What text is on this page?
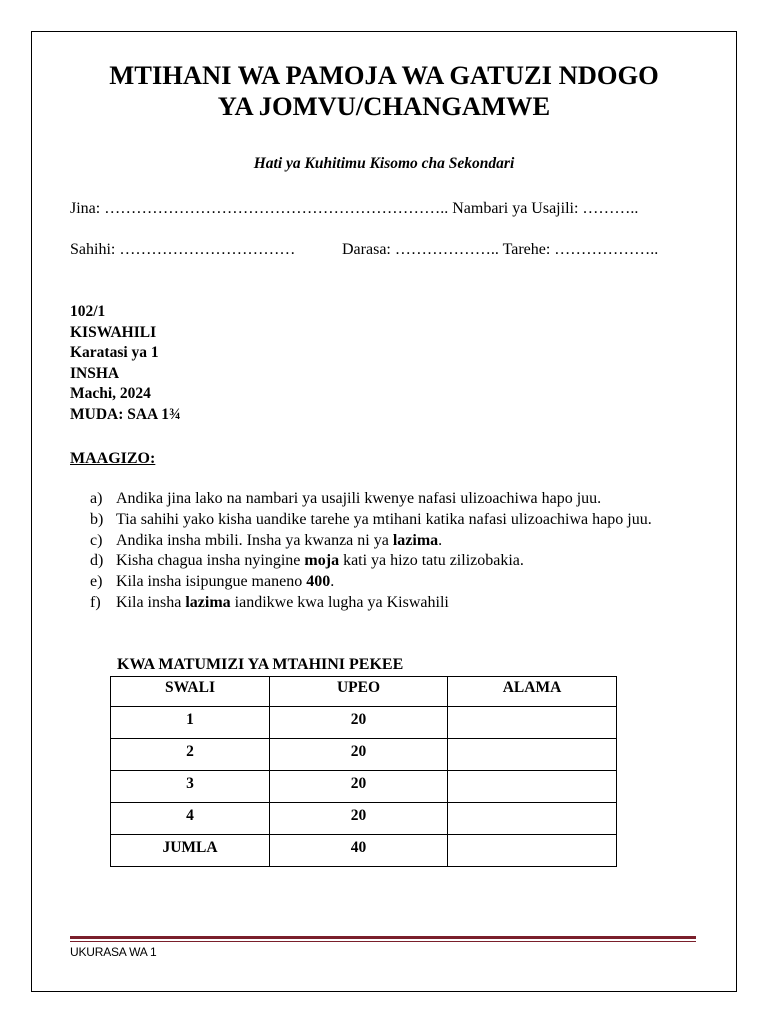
MTIHANI WA PAMOJA WA GATUZI NDOGO
YA JOMVU/CHANGAMWE
Hati ya Kuhitimu Kisomo cha Sekondari
Jina: ……………………………………………………….. Nambari ya Usajili: ………..
Sahihi: ……………………………	Darasa: ……………….. Tarehe: ………………..
102/1
KISWAHILI
Karatasi ya 1
INSHA
Machi, 2024
MUDA: SAA 1¾
MAAGIZO:
a) Andika jina lako na nambari ya usajili kwenye nafasi ulizoachiwa hapo juu.
b) Tia sahihi yako kisha uandike tarehe ya mtihani katika nafasi ulizoachiwa hapo juu.
c) Andika insha mbili. Insha ya kwanza ni ya lazima.
d) Kisha chagua insha nyingine moja kati ya hizo tatu zilizobakia.
e) Kila insha isipungue maneno 400.
f) Kila insha lazima iandikwe kwa lugha ya Kiswahili
KWA MATUMIZI YA MTAHINI PEKEE
SWALI	UPEO	ALAMA
1	20	
2	20	
3	20	
4	20	
JUMLA	40	
UKURASA WA 1
